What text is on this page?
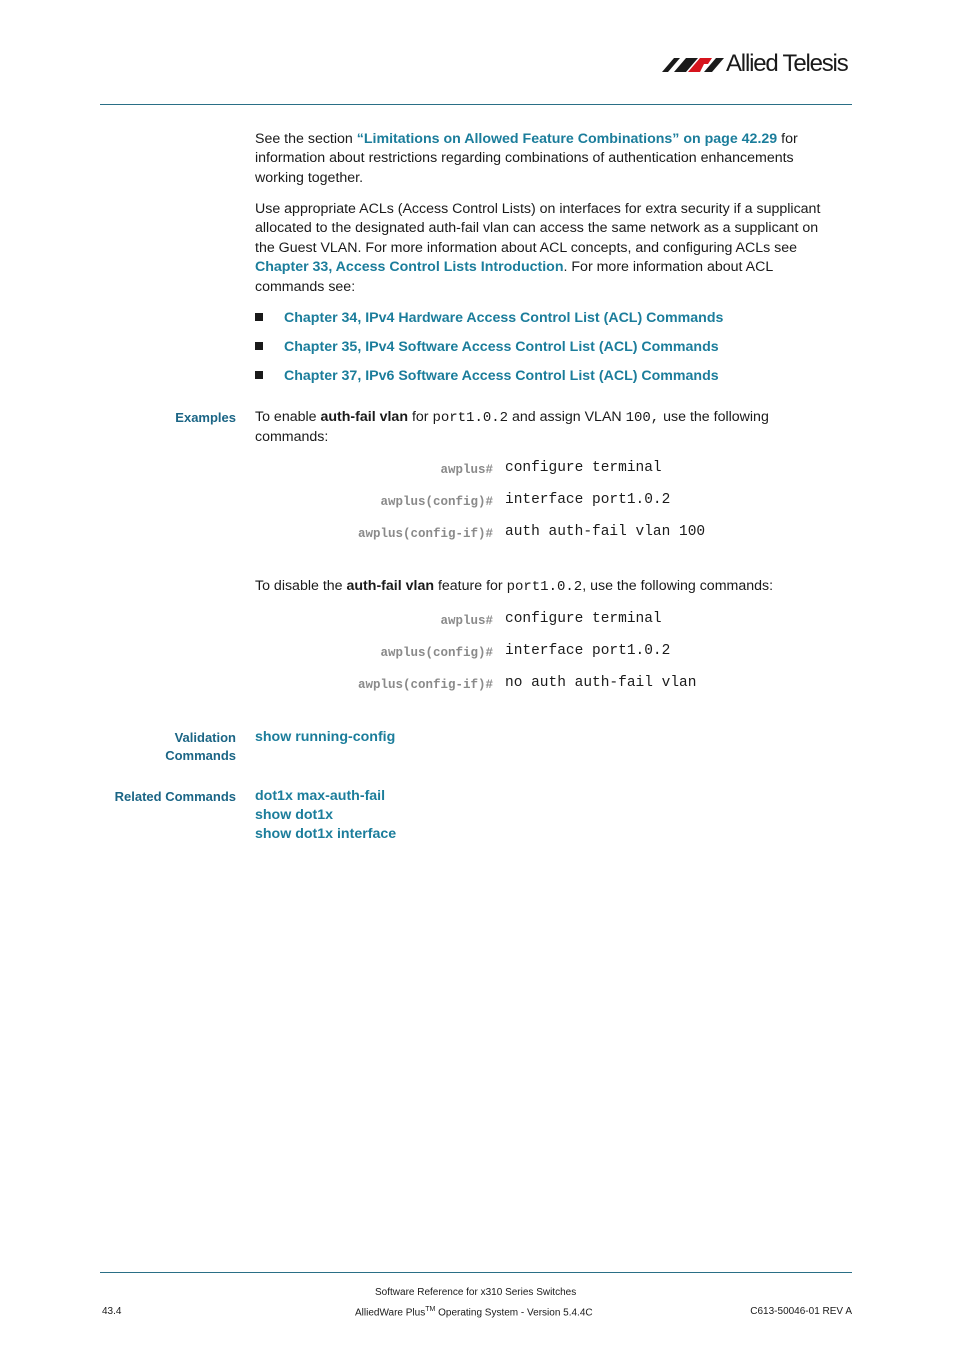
Allied Telesis
See the section “Limitations on Allowed Feature Combinations” on page 42.29 for
information about restrictions regarding combinations of authentication enhancements
working together.
Use appropriate ACLs (Access Control Lists) on interfaces for extra security if a supplicant
allocated to the designated auth-fail vlan can access the same network as a supplicant on
the Guest VLAN. For more information about ACL concepts, and configuring ACLs see
Chapter 33, Access Control Lists Introduction. For more information about ACL
commands see:
Chapter 34, IPv4 Hardware Access Control List (ACL) Commands
Chapter 35, IPv4 Software Access Control List (ACL) Commands
Chapter 37, IPv6 Software Access Control List (ACL) Commands
Examples To enable auth-fail vlan for port1.0.2 and assign VLAN 100, use the following
commands:
awplus# configure terminal
awplus(config)# interface port1.0.2
awplus(config-if)# auth auth-fail vlan 100
To disable the auth-fail vlan feature for port1.0.2, use the following commands:
awplus# configure terminal
awplus(config)# interface port1.0.2
awplus(config-if)# no auth auth-fail vlan
Validation
Commands
show running-config
Related Commands dot1x max-auth-fail
show dot1x
show dot1x interface
Software Reference for x310 Series Switches
43.4	AlliedWare Plus™ Operating System - Version 5.4.4C	C613-50046-01 REV A
